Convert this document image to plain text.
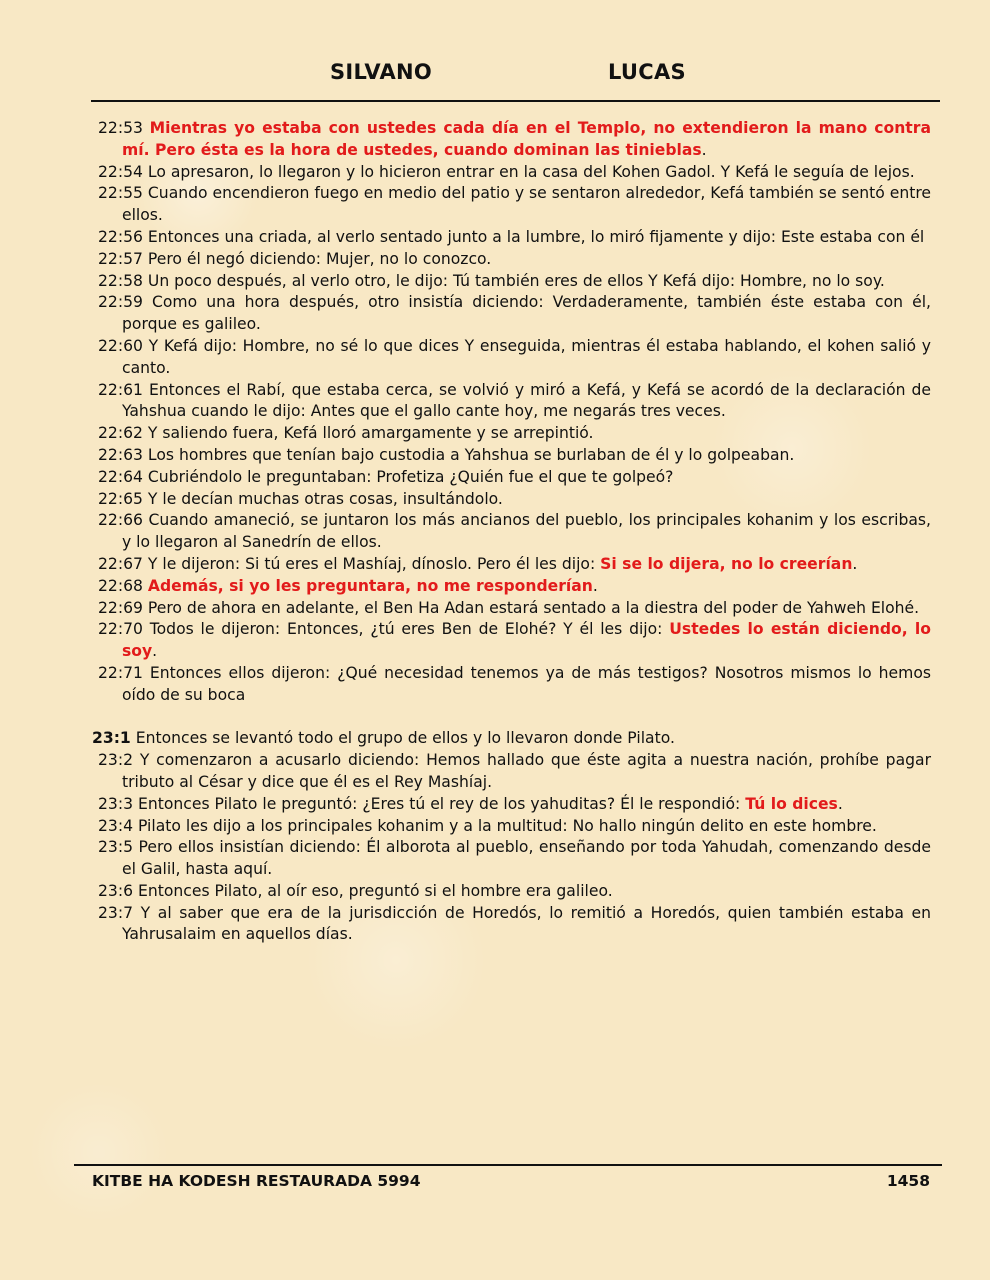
SILVANO	LUCAS

22:53 Mientras yo estaba con ustedes cada día en el Templo, no extendieron la mano contra mí. Pero ésta es la hora de ustedes, cuando dominan las tinieblas.

22:54 Lo apresaron, lo llegaron y lo hicieron entrar en la casa del Kohen Gadol. Y Kefá le seguía de lejos.

22:55 Cuando encendieron fuego en medio del patio y se sentaron alrededor, Kefá también se sentó entre ellos.

22:56 Entonces una criada, al verlo sentado junto a la lumbre, lo miró fijamente y dijo: Este estaba con él

22:57 Pero él negó diciendo: Mujer, no lo conozco.

22:58 Un poco después, al verlo otro, le dijo: Tú también eres de ellos Y Kefá dijo: Hombre, no lo soy.

22:59 Como una hora después, otro insistía diciendo: Verdaderamente, también éste estaba con él, porque es galileo.

22:60 Y Kefá dijo: Hombre, no sé lo que dices Y enseguida, mientras él estaba hablando, el kohen salió y canto.

22:61 Entonces el Rabí, que estaba cerca, se volvió y miró a Kefá, y Kefá se acordó de la declaración de Yahshua cuando le dijo: Antes que el gallo cante hoy, me negarás tres veces.

22:62 Y saliendo fuera, Kefá lloró amargamente y se arrepintió.

22:63 Los hombres que tenían bajo custodia a Yahshua se burlaban de él y lo golpeaban.

22:64 Cubriéndolo le preguntaban: Profetiza ¿Quién fue el que te golpeó?

22:65 Y le decían muchas otras cosas, insultándolo.

22:66 Cuando amaneció, se juntaron los más ancianos del pueblo, los principales kohanim y los escribas, y lo llegaron al Sanedrín de ellos.

22:67 Y le dijeron: Si tú eres el Mashíaj, dínoslo. Pero él les dijo: Si se lo dijera, no lo creerían.

22:68 Además, si yo les preguntara, no me responderían.

22:69 Pero de ahora en adelante, el Ben Ha Adan estará sentado a la diestra del poder de Yahweh Elohé.

22:70 Todos le dijeron: Entonces, ¿tú eres Ben de Elohé? Y él les dijo: Ustedes lo están diciendo, lo soy.

22:71 Entonces ellos dijeron: ¿Qué necesidad tenemos ya de más testigos? Nosotros mismos lo hemos oído de su boca

23:1 Entonces se levantó todo el grupo de ellos y lo llevaron donde Pilato.

23:2 Y comenzaron a acusarlo diciendo: Hemos hallado que éste agita a nuestra nación, prohíbe pagar tributo al César y dice que él es el Rey Mashíaj.

23:3 Entonces Pilato le preguntó: ¿Eres tú el rey de los yahuditas? Él le respondió: Tú lo dices.

23:4 Pilato les dijo a los principales kohanim y a la multitud: No hallo ningún delito en este hombre.

23:5 Pero ellos insistían diciendo: Él alborota al pueblo, enseñando por toda Yahudah, comenzando desde el Galil, hasta aquí.

23:6 Entonces Pilato, al oír eso, preguntó si el hombre era galileo.

23:7 Y al saber que era de la jurisdicción de Horedós, lo remitió a Horedós, quien también estaba en Yahrusalaim en aquellos días.

KITBE HA KODESH RESTAURADA 5994	1458
